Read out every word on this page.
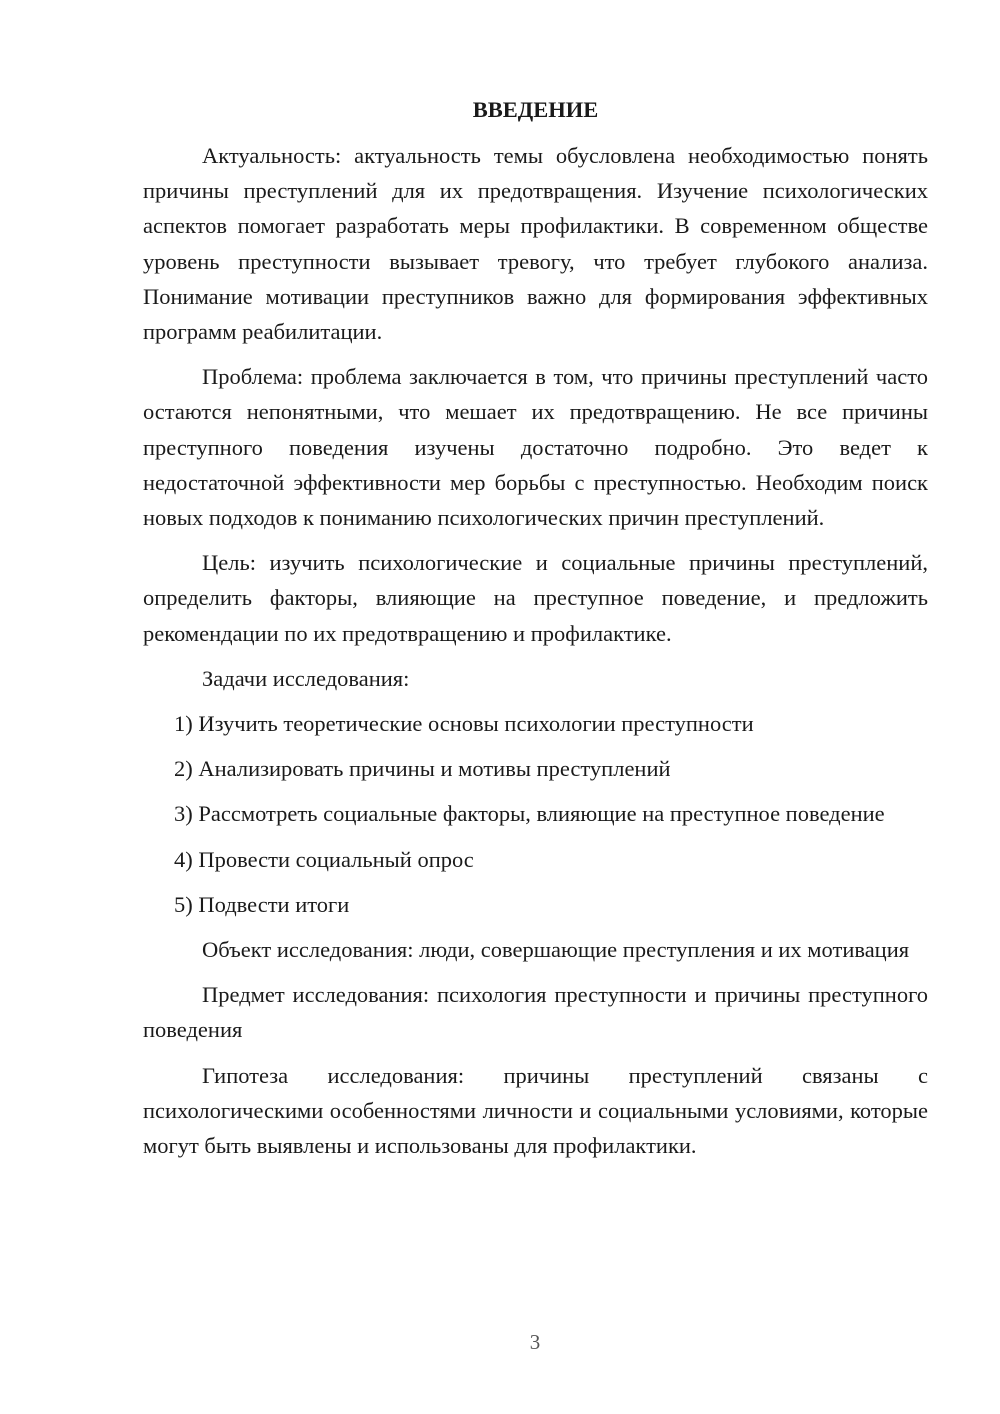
ВВЕДЕНИЕ

Актуальность: актуальность темы обусловлена необходимостью понять причины преступлений для их предотвращения. Изучение психологических аспектов помогает разработать меры профилактики. В современном обществе уровень преступности вызывает тревогу, что требует глубокого анализа. Понимание мотивации преступников важно для формирования эффективных программ реабилитации.

Проблема: проблема заключается в том, что причины преступлений часто остаются непонятными, что мешает их предотвращению. Не все причины преступного поведения изучены достаточно подробно. Это ведет к недостаточной эффективности мер борьбы с преступностью. Необходим поиск новых подходов к пониманию психологических причин преступлений.

Цель: изучить психологические и социальные причины преступлений, определить факторы, влияющие на преступное поведение, и предложить рекомендации по их предотвращению и профилактике.

Задачи исследования:

1) Изучить теоретические основы психологии преступности

2) Анализировать причины и мотивы преступлений

3) Рассмотреть социальные факторы, влияющие на преступное поведение

4) Провести социальный опрос

5) Подвести итоги

Объект исследования: люди, совершающие преступления и их мотивация

Предмет исследования: психология преступности и причины преступного поведения

Гипотеза исследования: причины преступлений связаны с психологическими особенностями личности и социальными условиями, которые могут быть выявлены и использованы для профилактики.

3
